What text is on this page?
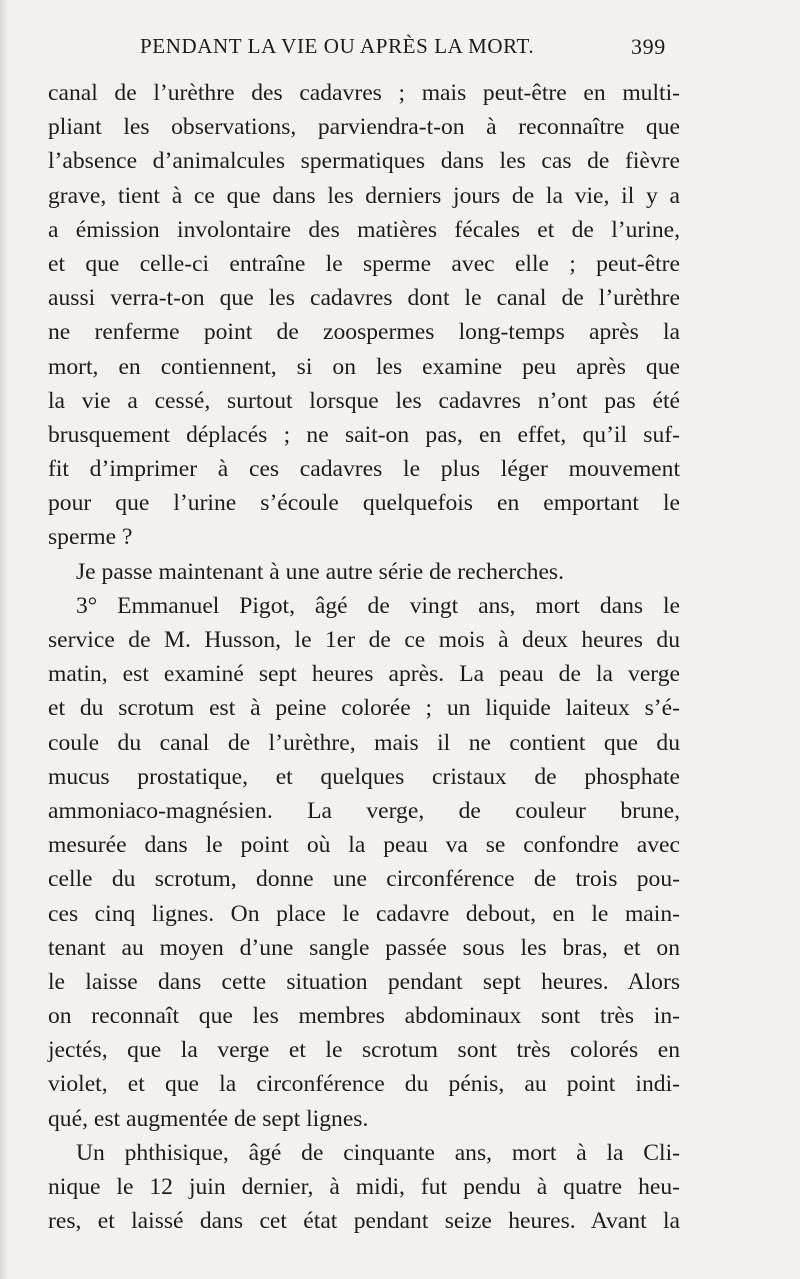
PENDANT LA VIE OU APRÈS LA MORT.	399
canal de l’urèthre des cadavres ; mais peut-être en multi-
pliant les observations, parviendra-t-on à reconnaître que
l’absence d’animalcules spermatiques dans les cas de fièvre
grave, tient à ce que dans les derniers jours de la vie, il y a
a émission involontaire des matières fécales et de l’urine,
et que celle-ci entraîne le sperme avec elle ; peut-être
aussi verra-t-on que les cadavres dont le canal de l’urèthre
ne renferme point de zoospermes long-temps après la
mort, en contiennent, si on les examine peu après que
la vie a cessé, surtout lorsque les cadavres n’ont pas été
brusquement déplacés ; ne sait-on pas, en effet, qu’il suf-
fit d’imprimer à ces cadavres le plus léger mouvement
pour que l’urine s’écoule quelquefois en emportant le
sperme ?
Je passe maintenant à une autre série de recherches.
3° Emmanuel Pigot, âgé de vingt ans, mort dans le
service de M. Husson, le 1er de ce mois à deux heures du
matin, est examiné sept heures après. La peau de la verge
et du scrotum est à peine colorée ; un liquide laiteux s’é-
coule du canal de l’urèthre, mais il ne contient que du
mucus prostatique, et quelques cristaux de phosphate
ammoniaco-magnésien. La verge, de couleur brune,
mesurée dans le point où la peau va se confondre avec
celle du scrotum, donne une circonférence de trois pou-
ces cinq lignes. On place le cadavre debout, en le main-
tenant au moyen d’une sangle passée sous les bras, et on
le laisse dans cette situation pendant sept heures. Alors
on reconnaît que les membres abdominaux sont très in-
jectés, que la verge et le scrotum sont très colorés en
violet, et que la circonférence du pénis, au point indi-
qué, est augmentée de sept lignes.
Un phthisique, âgé de cinquante ans, mort à la Cli-
nique le 12 juin dernier, à midi, fut pendu à quatre heu-
res, et laissé dans cet état pendant seize heures. Avant la
